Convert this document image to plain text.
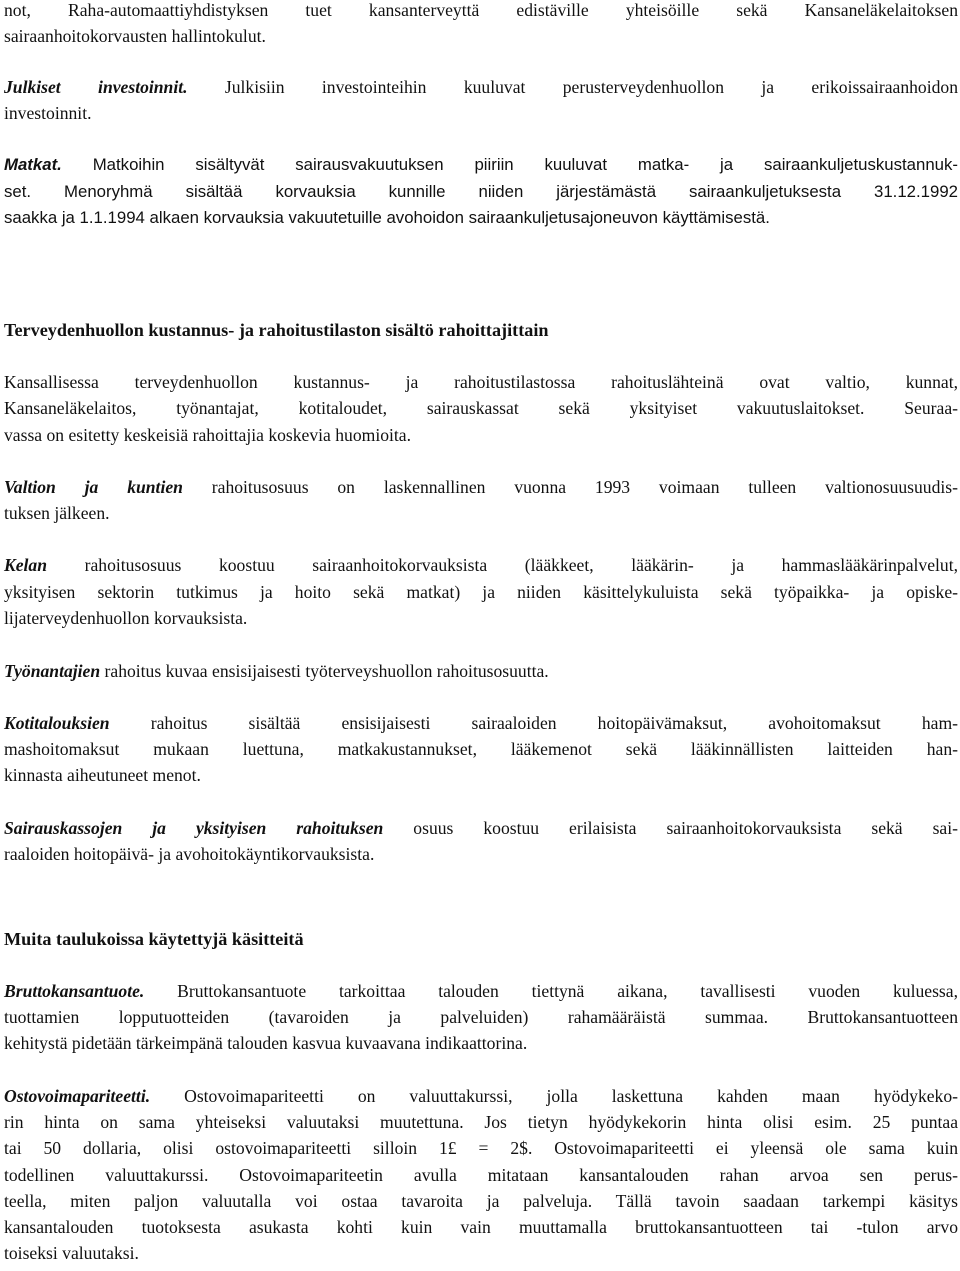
not, Raha-automaattiyhdistyksen tuet kansanterveyttä edistäville yhteisöille sekä Kansaneläkelaitoksen
sairaanhoitokorvausten hallintokulut.
Julkiset investoinnit. Julkisiin investointeihin kuuluvat perusterveydenhuollon ja erikoissairaanhoidon
investoinnit.
Matkat. Matkoihin sisältyvät sairausvakuutuksen piiriin kuuluvat matka- ja sairaankuljetuskustannuk-
set. Menoryhmä sisältää korvauksia kunnille niiden järjestämästä sairaankuljetuksesta 31.12.1992
saakka ja 1.1.1994 alkaen korvauksia vakuutetuille avohoidon sairaankuljetusajoneuvon käyttämisestä.
Terveydenhuollon kustannus- ja rahoitustilaston sisältö rahoittajittain
Kansallisessa terveydenhuollon kustannus- ja rahoitustilastossa rahoituslähteinä ovat valtio, kunnat,
Kansaneläkelaitos, työnantajat, kotitaloudet, sairauskassat sekä yksityiset vakuutuslaitokset. Seuraa-
vassa on esitetty keskeisiä rahoittajia koskevia huomioita.
Valtion ja kuntien rahoitusosuus on laskennallinen vuonna 1993 voimaan tulleen valtionosuusuudis-
tuksen jälkeen.
Kelan rahoitusosuus koostuu sairaanhoitokorvauksista (lääkkeet, lääkärin- ja hammaslääkärinpalvelut,
yksityisen sektorin tutkimus ja hoito sekä matkat) ja niiden käsittelykuluista sekä työpaikka- ja opiske-
lijaterveydenhuollon korvauksista.
Työnantajien rahoitus kuvaa ensisijaisesti työterveyshuollon rahoitusosuutta.
Kotitalouksien rahoitus sisältää ensisijaisesti sairaaloiden hoitopäivämaksut, avohoitomaksut ham-
mashoitomaksut mukaan luettuna, matkakustannukset, lääkemenot sekä lääkinnällisten laitteiden han-
kinnasta aiheutuneet menot.
Sairauskassojen ja yksityisen rahoituksen osuus koostuu erilaisista sairaanhoitokorvauksista sekä sai-
raaloiden hoitopäivä- ja avohoitokäyntikorvauksista.
Muita taulukoissa käytettyjä käsitteitä
Bruttokansantuote. Bruttokansantuote tarkoittaa talouden tiettynä aikana, tavallisesti vuoden kuluessa,
tuottamien lopputuotteiden (tavaroiden ja palveluiden) rahamääräistä summaa. Bruttokansantuotteen
kehitystä pidetään tärkeimpänä talouden kasvua kuvaavana indikaattorina.
Ostovoimapariteetti. Ostovoimapariteetti on valuuttakurssi, jolla laskettuna kahden maan hyödykeko-
rin hinta on sama yhteiseksi valuutaksi muutettuna. Jos tietyn hyödykekorin hinta olisi esim. 25 puntaa
tai 50 dollaria, olisi ostovoimapariteetti silloin 1£ = 2$. Ostovoimapariteetti ei yleensä ole sama kuin
todellinen valuuttakurssi. Ostovoimapariteetin avulla mitataan kansantalouden rahan arvoa sen perus-
teella, miten paljon valuutalla voi ostaa tavaroita ja palveluja. Tällä tavoin saadaan tarkempi käsitys
kansantalouden tuotoksesta asukasta kohti kuin vain muuttamalla bruttokansantuotteen tai -tulon arvo
toiseksi valuutaksi.
